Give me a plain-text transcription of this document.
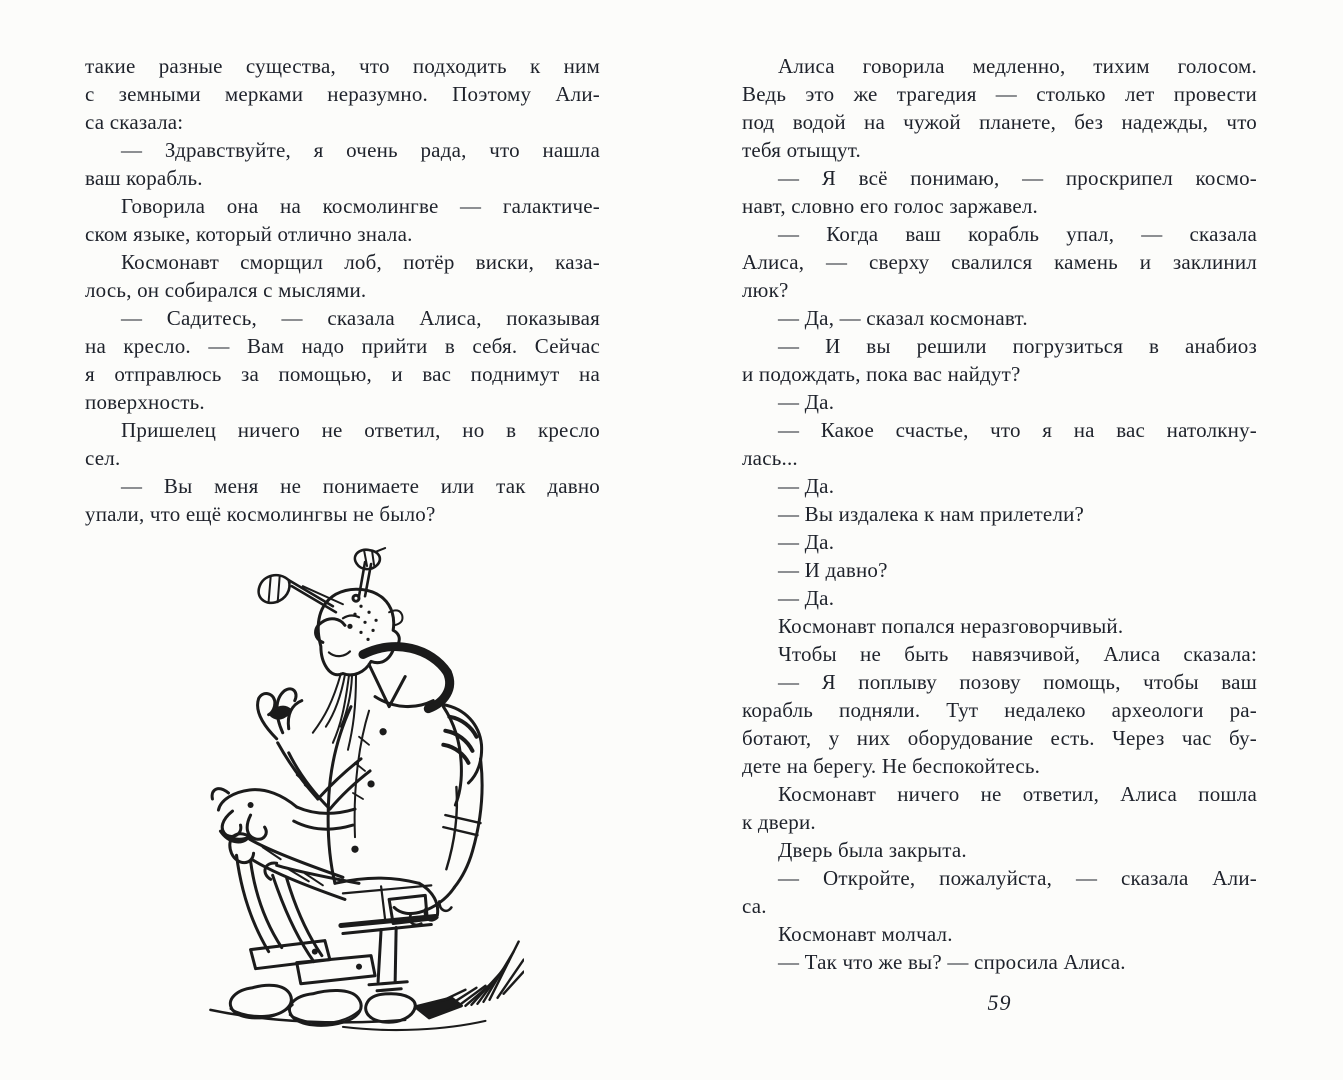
такие разные существа, что подходить к ним
с земными мерками неразумно. Поэтому Али-
са сказала:
— Здравствуйте, я очень рада, что нашла
ваш корабль.
Говорила она на космолингве — галактиче-
ском языке, который отлично знала.
Космонавт сморщил лоб, потёр виски, каза-
лось, он собирался с мыслями.
— Садитесь, — сказала Алиса, показывая
на кресло. — Вам надо прийти в себя. Сейчас
я отправлюсь за помощью, и вас поднимут на
поверхность.
Пришелец ничего не ответил, но в кресло
сел.
— Вы меня не понимаете или так давно
упали, что ещё космолингвы не было?
Алиса говорила медленно, тихим голосом.
Ведь это же трагедия — столько лет провести
под водой на чужой планете, без надежды, что
тебя отыщут.
— Я всё понимаю, — проскрипел космо-
навт, словно его голос заржавел.
— Когда ваш корабль упал, — сказала
Алиса, — сверху свалился камень и заклинил
люк?
— Да, — сказал космонавт.
— И вы решили погрузиться в анабиоз
и подождать, пока вас найдут?
— Да.
— Какое счастье, что я на вас натолкну-
лась...
— Да.
— Вы издалека к нам прилетели?
— Да.
— И давно?
— Да.
Космонавт попался неразговорчивый.
Чтобы не быть навязчивой, Алиса сказала:
— Я поплыву позову помощь, чтобы ваш
корабль подняли. Тут недалеко археологи ра-
ботают, у них оборудование есть. Через час бу-
дете на берегу. Не беспокойтесь.
Космонавт ничего не ответил, Алиса пошла
к двери.
Дверь была закрыта.
— Откройте, пожалуйста, — сказала Али-
са.
Космонавт молчал.
— Так что же вы? — спросила Алиса.
59
